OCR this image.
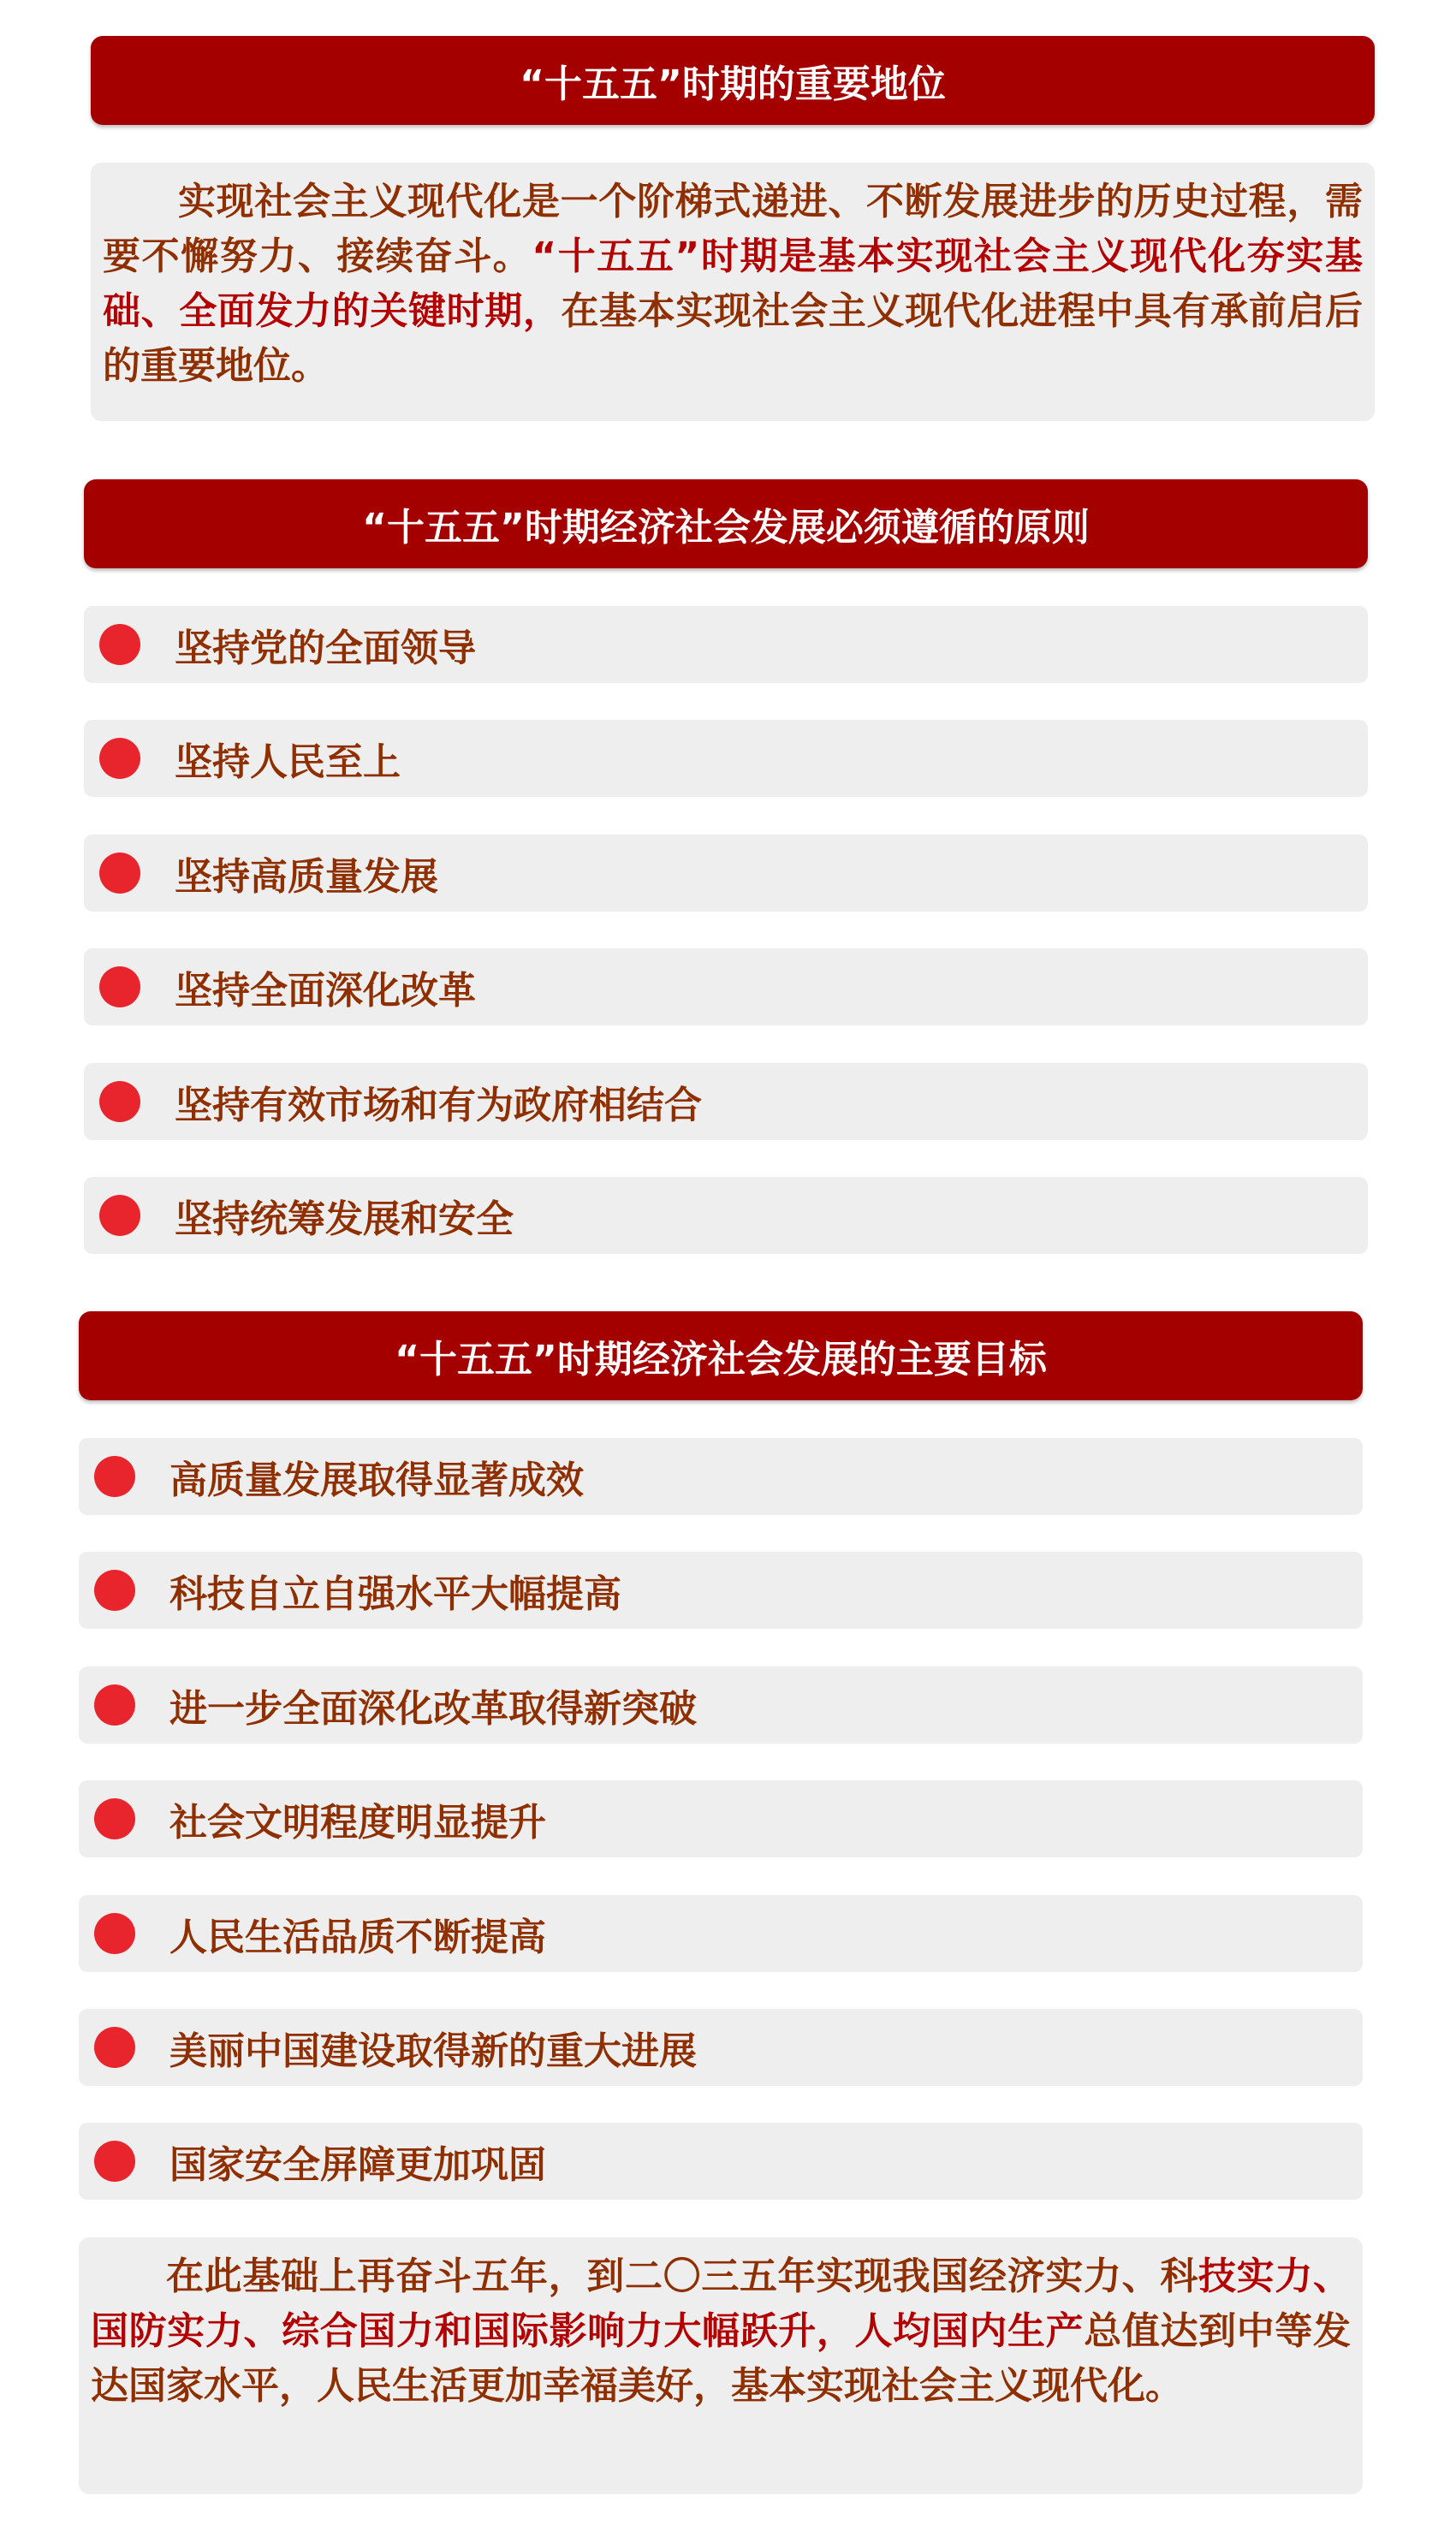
“十五五”时期的重要地位
实现社会主义现代化是一个阶梯式递进、不断发展进步的历史过程，需要不懈努力、接续奋斗。“十五五”时期是基本实现社会主义现代化夯实基础、全面发力的关键时期，在基本实现社会主义现代化进程中具有承前启后的重要地位。
“十五五”时期经济社会发展必须遵循的原则
坚持党的全面领导
坚持人民至上
坚持高质量发展
坚持全面深化改革
坚持有效市场和有为政府相结合
坚持统筹发展和安全
“十五五”时期经济社会发展的主要目标
高质量发展取得显著成效
科技自立自强水平大幅提高
进一步全面深化改革取得新突破
社会文明程度明显提升
人民生活品质不断提高
美丽中国建设取得新的重大进展
国家安全屏障更加巩固
在此基础上再奋斗五年，到二〇三五年实现我国经济实力、科技实力、国防实力、综合国力和国际影响力大幅跃升，人均国内生产总值达到中等发达国家水平，人民生活更加幸福美好，基本实现社会主义现代化。
